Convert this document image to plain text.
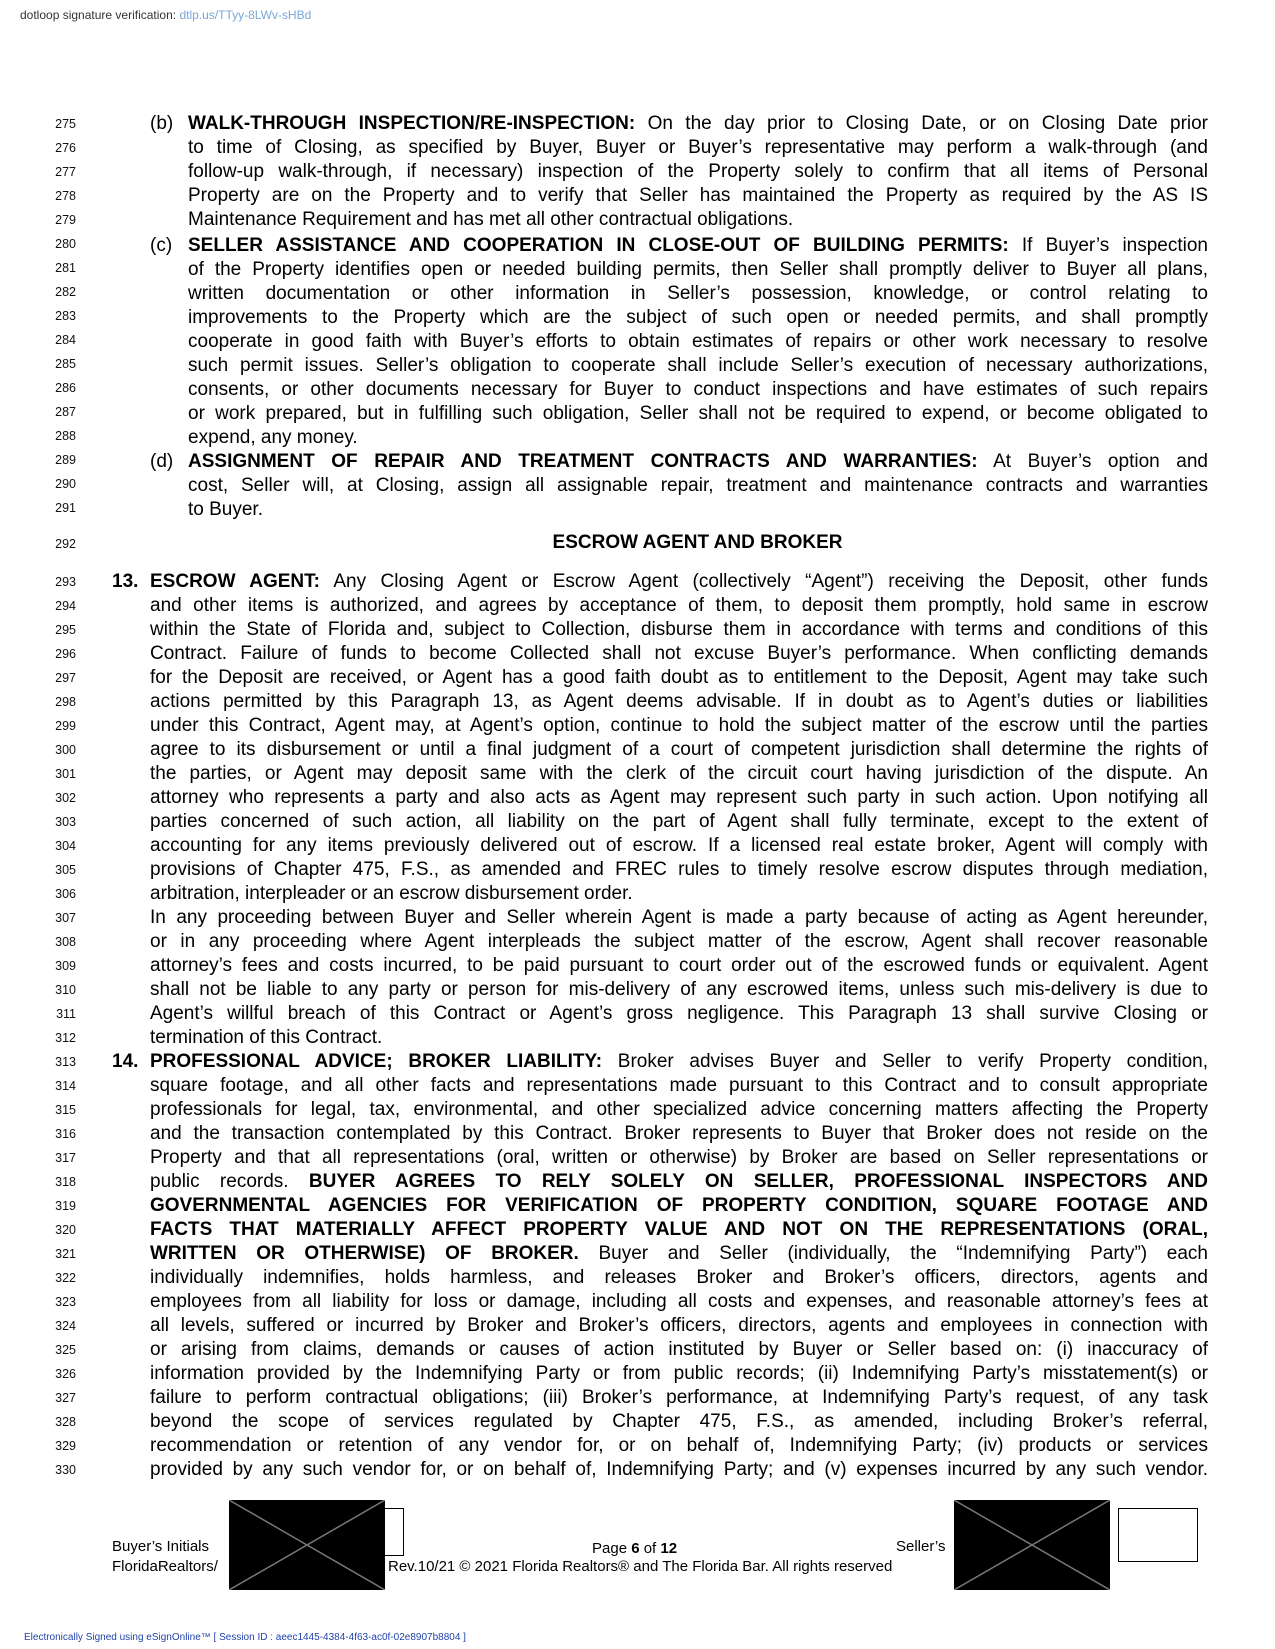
dotloop signature verification: dtlp.us/TTyy-8LWv-sHBd
275
276
277
278
279
280
281
282
283
284
285
286
287
288
289
290
291
292
293
294
295
296
297
298
299
300
301
302
303
304
305
306
307
308
309
310
311
312
313
314
315
316
317
318
319
320
321
322
323
324
325
326
327
328
329
330
(b) WALK-THROUGH INSPECTION/RE-INSPECTION: On the day prior to Closing Date, or on Closing Date prior
to time of Closing, as specified by Buyer, Buyer or Buyer’s representative may perform a walk-through (and
follow-up walk-through, if necessary) inspection of the Property solely to confirm that all items of Personal
Property are on the Property and to verify that Seller has maintained the Property as required by the AS IS
Maintenance Requirement and has met all other contractual obligations.
(c) SELLER ASSISTANCE AND COOPERATION IN CLOSE-OUT OF BUILDING PERMITS: If Buyer’s inspection
of the Property identifies open or needed building permits, then Seller shall promptly deliver to Buyer all plans,
written documentation or other information in Seller’s possession, knowledge, or control relating to
improvements to the Property which are the subject of such open or needed permits, and shall promptly
cooperate in good faith with Buyer’s efforts to obtain estimates of repairs or other work necessary to resolve
such permit issues. Seller’s obligation to cooperate shall include Seller’s execution of necessary authorizations,
consents, or other documents necessary for Buyer to conduct inspections and have estimates of such repairs
or work prepared, but in fulfilling such obligation, Seller shall not be required to expend, or become obligated to
expend, any money.
(d) ASSIGNMENT OF REPAIR AND TREATMENT CONTRACTS AND WARRANTIES: At Buyer’s option and
cost, Seller will, at Closing, assign all assignable repair, treatment and maintenance contracts and warranties
to Buyer.
ESCROW AGENT AND BROKER
13. ESCROW AGENT: Any Closing Agent or Escrow Agent (collectively “Agent”) receiving the Deposit, other funds
and other items is authorized, and agrees by acceptance of them, to deposit them promptly, hold same in escrow
within the State of Florida and, subject to Collection, disburse them in accordance with terms and conditions of this
Contract. Failure of funds to become Collected shall not excuse Buyer’s performance. When conflicting demands
for the Deposit are received, or Agent has a good faith doubt as to entitlement to the Deposit, Agent may take such
actions permitted by this Paragraph 13, as Agent deems advisable. If in doubt as to Agent’s duties or liabilities
under this Contract, Agent may, at Agent’s option, continue to hold the subject matter of the escrow until the parties
agree to its disbursement or until a final judgment of a court of competent jurisdiction shall determine the rights of
the parties, or Agent may deposit same with the clerk of the circuit court having jurisdiction of the dispute. An
attorney who represents a party and also acts as Agent may represent such party in such action. Upon notifying all
parties concerned of such action, all liability on the part of Agent shall fully terminate, except to the extent of
accounting for any items previously delivered out of escrow. If a licensed real estate broker, Agent will comply with
provisions of Chapter 475, F.S., as amended and FREC rules to timely resolve escrow disputes through mediation,
arbitration, interpleader or an escrow disbursement order.
In any proceeding between Buyer and Seller wherein Agent is made a party because of acting as Agent hereunder,
or in any proceeding where Agent interpleads the subject matter of the escrow, Agent shall recover reasonable
attorney’s fees and costs incurred, to be paid pursuant to court order out of the escrowed funds or equivalent. Agent
shall not be liable to any party or person for mis-delivery of any escrowed items, unless such mis-delivery is due to
Agent’s willful breach of this Contract or Agent’s gross negligence. This Paragraph 13 shall survive Closing or
termination of this Contract.
14. PROFESSIONAL ADVICE; BROKER LIABILITY: Broker advises Buyer and Seller to verify Property condition,
square footage, and all other facts and representations made pursuant to this Contract and to consult appropriate
professionals for legal, tax, environmental, and other specialized advice concerning matters affecting the Property
and the transaction contemplated by this Contract. Broker represents to Buyer that Broker does not reside on the
Property and that all representations (oral, written or otherwise) by Broker are based on Seller representations or
public records. BUYER AGREES TO RELY SOLELY ON SELLER, PROFESSIONAL INSPECTORS AND
GOVERNMENTAL AGENCIES FOR VERIFICATION OF PROPERTY CONDITION, SQUARE FOOTAGE AND
FACTS THAT MATERIALLY AFFECT PROPERTY VALUE AND NOT ON THE REPRESENTATIONS (ORAL,
WRITTEN OR OTHERWISE) OF BROKER. Buyer and Seller (individually, the “Indemnifying Party”) each
individually indemnifies, holds harmless, and releases Broker and Broker’s officers, directors, agents and
employees from all liability for loss or damage, including all costs and expenses, and reasonable attorney’s fees at
all levels, suffered or incurred by Broker and Broker’s officers, directors, agents and employees in connection with
or arising from claims, demands or causes of action instituted by Buyer or Seller based on: (i) inaccuracy of
information provided by the Indemnifying Party or from public records; (ii) Indemnifying Party’s misstatement(s) or
failure to perform contractual obligations; (iii) Broker’s performance, at Indemnifying Party’s request, of any task
beyond the scope of services regulated by Chapter 475, F.S., as amended, including Broker’s referral,
recommendation or retention of any vendor for, or on behalf of, Indemnifying Party; (iv) products or services
provided by any such vendor for, or on behalf of, Indemnifying Party; and (v) expenses incurred by any such vendor.
Buyer’s Initials
FloridaRealtors/
Page 6 of 12
Rev.10/21 © 2021 Florida Realtors® and The Florida Bar. All rights reserved
Seller’s
Electronically Signed using eSignOnline™ [ Session ID : aeec1445-4384-4f63-ac0f-02e8907b8804 ]
